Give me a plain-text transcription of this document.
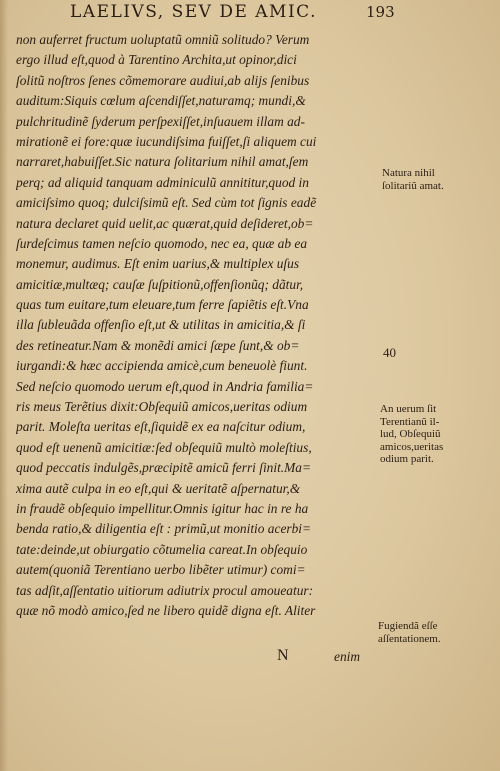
LAELIVS, SEV DE AMIC.	193
non auferret fructum uoluptatũ omniũ solitudo? Verum
ergo illud eſt,quod à Tarentino Archita,ut opinor,dici
ſolitũ noſtros ſenes cõmemorare audiui,ab alijs ſenibus
auditum:Siquis cœlum aſcendiſſet,naturamq; mundi,&
pulchritudinẽ ſyderum perſpexiſſet,inſuauem illam ad-
mirationẽ ei fore:quæ iucundiſsima fuiſſet,ſi aliquem cui
narraret,habuiſſet.Sic natura ſolitarium nihil amat,ſem
perq; ad aliquid tanquam adminiculũ annititur,quod in
amiciſsimo quoq; dulciſsimũ eſt. Sed cùm tot ſignis eadẽ
natura declaret quid uelit,ac quærat,quid deſideret,ob=
ſurdeſcimus tamen neſcio quomodo, nec ea, quæ ab ea
monemur, audimus. Eſt enim uarius,& multiplex uſus
amicitiæ,multæq; cauſæ ſuſpitionũ,offenſionũq; dãtur,
quas tum euitare,tum eleuare,tum ferre ſapiẽtis eſt.Vna
illa ſubleuãda offenſio eſt,ut & utilitas in amicitia,& ſi
des retineatur.Nam & monẽdi amici ſæpe ſunt,& ob=
iurgandi:& hæc accipienda amicè,cum beneuolè fiunt.
Sed neſcio quomodo uerum eſt,quod in Andria familia=
ris meus Terẽtius dixit:Obſequiũ amicos,ueritas odium
parit. Moleſta ueritas eſt,ſiquidẽ ex ea naſcitur odium,
quod eſt uenenũ amicitiæ:ſed obſequiũ multò moleſtius,
quod peccatis indulgẽs,præcipitẽ amicũ ferri ſinit.Ma=
xima autẽ culpa in eo eſt,qui & ueritatẽ aſpernatur,&
in fraudẽ obſequio impellitur.Omnis igitur hac in re ha
benda ratio,& diligentia eſt : primũ,ut monitio acerbi=
tate:deinde,ut obiurgatio cõtumelia careat.In obſequio
autem(quoniã Terentiano uerbo libẽter utimur) comi=
tas adſit,aſſentatio uitiorum adiutrix procul amoueatur:
quæ nõ modò amico,ſed ne libero quidẽ digna eſt. Aliter
Natura nihil
ſolitariũ amat.
40
An uerum ſit
Terentianũ il-
lud, Obſequiũ
amicos,ueritas
odium parit.
Fugiendã eſſe
aſſentationem.
N	enim
